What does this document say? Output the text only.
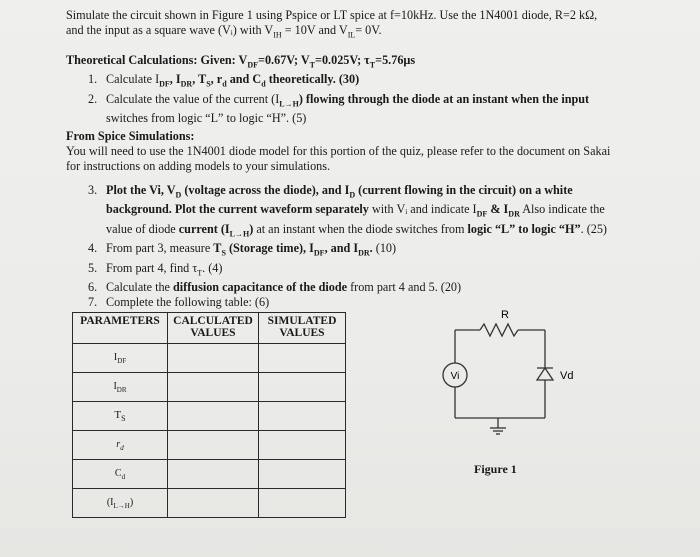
Simulate the circuit shown in Figure 1 using Pspice or LT spice at f=10kHz. Use the 1N4001 diode, R=2 kΩ,
and the input as a square wave (Vᵢ) with $V_{IH} = 10V$ and $V_{IL}= 0V$.
Theoretical Calculations: Given: $V_{DF}=0.67V$; $V_T=0.025V$; $\tau_T=5.76\mu s$
1. Calculate $I_{DF}$, $I_{DR}$, $T_S$, $r_d$ and $C_d$ theoretically. (30)
2. Calculate the value of the current $(I_{L\to H})$ flowing through the diode at an instant when the input
switches from logic “L” to logic “H”. (5)
From Spice Simulations:
You will need to use the 1N4001 diode model for this portion of the quiz, please refer to the document on Sakai
for instructions on adding models to your simulations.
3. Plot the Vi, $V_D$ (voltage across the diode), and $I_D$ (current flowing in the circuit) on a white
background. Plot the current waveform separately with Vᵢ and indicate $I_{DF}$ & $I_{DR}$ Also indicate the
value of diode current $(I_{L\to H})$ at an instant when the diode switches from logic “L” to logic “H”. (25)
4. From part 3, measure $T_S$ (Storage time), $I_{DF}$, and $I_{DR}$. (10)
5. From part 4, find $\tau_T$. (4)
6. Calculate the diffusion capacitance of the diode from part 4 and 5. (20)
7. Complete the following table: (6)
PARAMETERS	CALCULATED VALUES	SIMULATED VALUES
$I_{DF}$		
$I_{DR}$		
$T_S$		
$r_d$		
$C_d$		
$(I_{L\to H})$		
R
Vi	Vd
Figure 1
